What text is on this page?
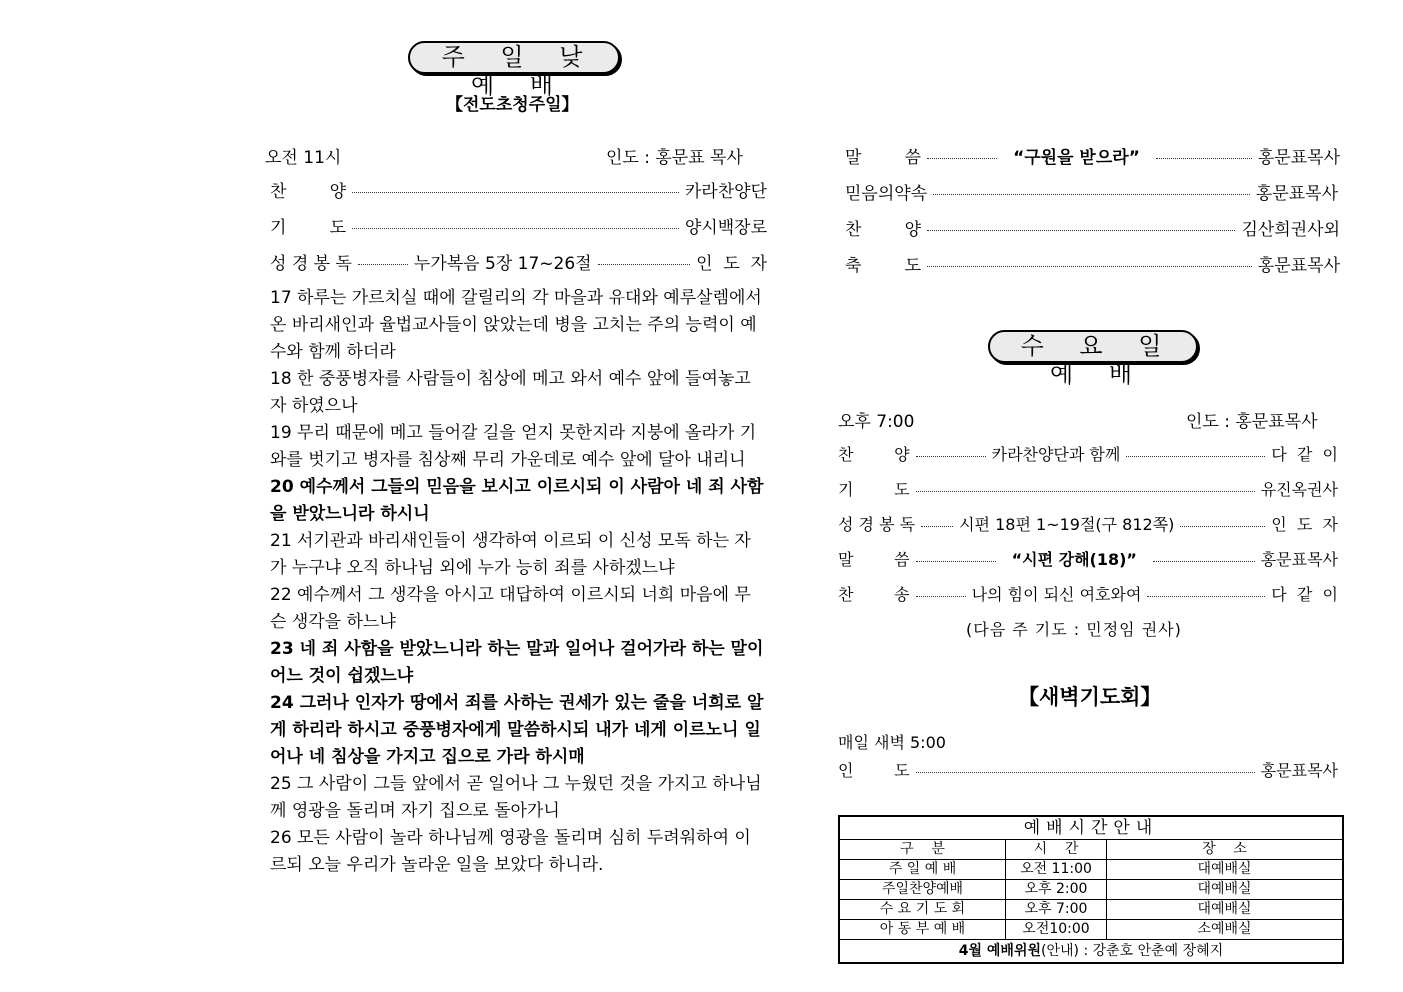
주 일 낮 예 배
【전도초청주일】
오전 11시	인도 : 홍문표 목사
찬        양	카라찬양단
기        도	양시백장로
성 경 봉 독	누가복음 5장 17~26절	인  도  자

17 하루는 가르치실 때에 갈릴리의 각 마을과 유대와 예루살렘에서 온 바리새인과 율법교사들이 앉았는데 병을 고치는 주의 능력이 예수와 함께 하더라

18 한 중풍병자를 사람들이 침상에 메고 와서 예수 앞에 들여놓고자 하였으나

19 무리 때문에 메고 들어갈 길을 얻지 못한지라 지붕에 올라가 기와를 벗기고 병자를 침상째 무리 가운데로 예수 앞에 달아 내리니

20 예수께서 그들의 믿음을 보시고 이르시되 이 사람아 네 죄 사함을 받았느니라 하시니

21 서기관과 바리새인들이 생각하여 이르되 이 신성 모독 하는 자가 누구냐 오직 하나님 외에 누가 능히 죄를 사하겠느냐

22 예수께서 그 생각을 아시고 대답하여 이르시되 너희 마음에 무슨 생각을 하느냐

23 네 죄 사함을 받았느니라 하는 말과 일어나 걸어가라 하는 말이 어느 것이 쉽겠느냐

24 그러나 인자가 땅에서 죄를 사하는 권세가 있는 줄을 너희로 알게 하리라 하시고 중풍병자에게 말씀하시되 내가 네게 이르노니 일어나 네 침상을 가지고 집으로 가라 하시매

25 그 사람이 그들 앞에서 곧 일어나 그 누웠던 것을 가지고 하나님께 영광을 돌리며 자기 집으로 돌아가니

26 모든 사람이 놀라 하나님께 영광을 돌리며 심히 두려워하여 이르되 오늘 우리가 놀라운 일을 보았다 하니라.

말        씀	“구원을 받으라”	홍문표목사
믿음의약속	홍문표목사
찬        양	김산희권사외
축        도	홍문표목사
수 요 일 예 배
오후 7:00	인도 : 홍문표목사
찬        양	카라찬양단과 함께	다  같  이
기        도	유진옥권사
성 경 봉 독	시편 18편 1~19절(구 812쪽)	인  도  자
말        씀	“시편 강해(18)”	홍문표목사
찬        송	나의 힘이 되신 여호와여	다  같  이
(다음 주 기도 : 민정임 권사)
【새벽기도회】
매일 새벽 5:00
인        도	홍문표목사
예배시간안내
구    분	시    간	장    소
주 일 예 배	오전 11:00	대예배실
주일찬양예배	오후 2:00	대예배실
수 요 기 도 회	오후 7:00	대예배실
아 동 부 예 배	오전10:00	소예배실
4월 예배위원(안내) : 강춘호 안춘예 장혜지
